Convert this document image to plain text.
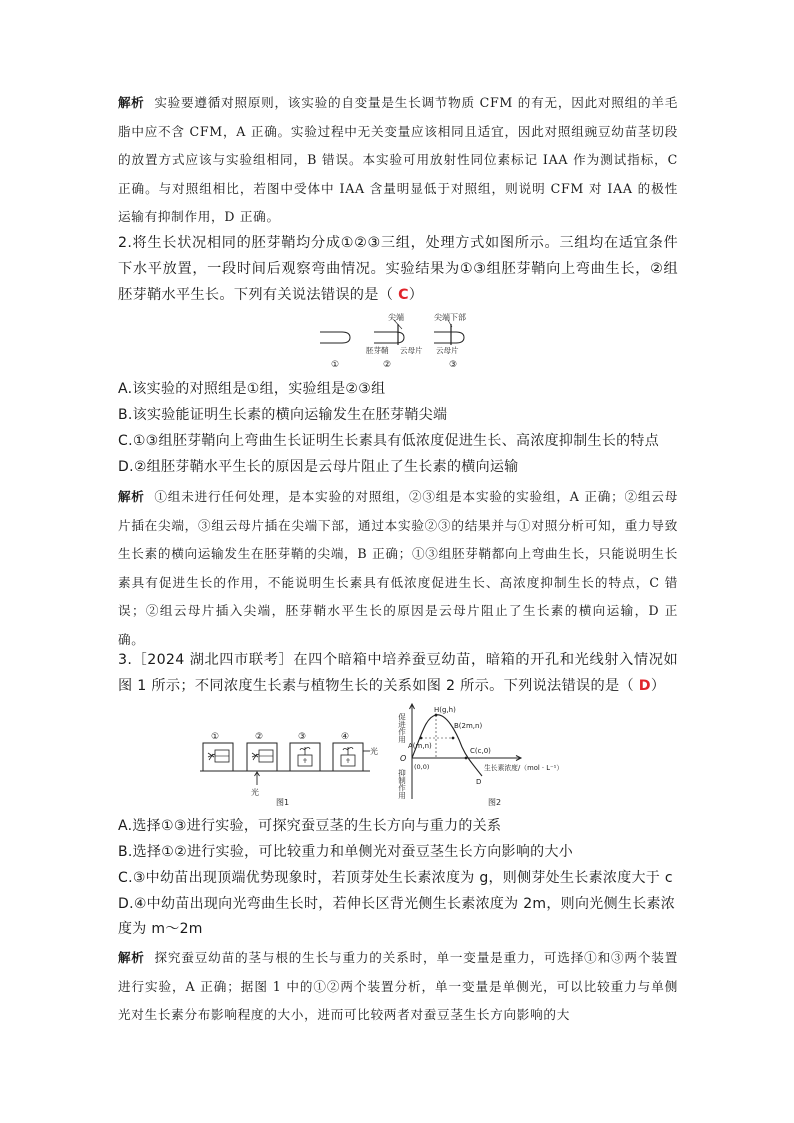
解析 实验要遵循对照原则，该实验的自变量是生长调节物质 CFM 的有无，因此对照组的羊毛脂中应不含 CFM，A 正确。实验过程中无关变量应该相同且适宜，因此对照组豌豆幼苗茎切段的放置方式应该与实验组相同，B 错误。本实验可用放射性同位素标记 IAA 作为测试指标，C 正确。与对照组相比，若图中受体中 IAA 含量明显低于对照组，则说明 CFM 对 IAA 的极性运输有抑制作用，D 正确。

2.将生长状况相同的胚芽鞘均分成①②③三组，处理方式如图所示。三组均在适宜条件下水平放置，一段时间后观察弯曲情况。实验结果为①③组胚芽鞘向上弯曲生长，②组胚芽鞘水平生长。下列有关说法错误的是（ C）

尖端	尖端下部
胚芽鞘 云母片 云母片
①	②	③

A.该实验的对照组是①组，实验组是②③组

B.该实验能证明生长素的横向运输发生在胚芽鞘尖端

C.①③组胚芽鞘向上弯曲生长证明生长素具有低浓度促进生长、高浓度抑制生长的特点

D.②组胚芽鞘水平生长的原因是云母片阻止了生长素的横向运输

解析 ①组未进行任何处理，是本实验的对照组，②③组是本实验的实验组，A 正确；②组云母片插在尖端，③组云母片插在尖端下部，通过本实验②③的结果并与①对照分析可知，重力导致生长素的横向运输发生在胚芽鞘的尖端，B 正确；①③组胚芽鞘都向上弯曲生长，只能说明生长素具有促进生长的作用，不能说明生长素具有低浓度促进生长、高浓度抑制生长的特点，C 错误；②组云母片插入尖端，胚芽鞘水平生长的原因是云母片阻止了生长素的横向运输，D 正确。

3.［2024 湖北四市联考］在四个暗箱中培养蚕豆幼苗，暗箱的开孔和光线射入情况如图 1 所示；不同浓度生长素与植物生长的关系如图 2 所示。下列说法错误的是（ D）

①	②
光
③	④
光
图1
促进作用
抑制作用
O
(0,0)
A(m,n)
H(g,h)
B(2m,n)
C(c,0)
D
生长素浓度/（mol · L⁻¹）
图2

A.选择①③进行实验，可探究蚕豆茎的生长方向与重力的关系

B.选择①②进行实验，可比较重力和单侧光对蚕豆茎生长方向影响的大小

C.③中幼苗出现顶端优势现象时，若顶芽处生长素浓度为 g，则侧芽处生长素浓度大于 c

D.④中幼苗出现向光弯曲生长时，若伸长区背光侧生长素浓度为 2m，则向光侧生长素浓度为 m～2m

解析 探究蚕豆幼苗的茎与根的生长与重力的关系时，单一变量是重力，可选择①和③两个装置进行实验，A 正确；据图 1 中的①②两个装置分析，单一变量是单侧光，可以比较重力与单侧光对生长素分布影响程度的大小，进而可比较两者对蚕豆茎生长方向影响的大
